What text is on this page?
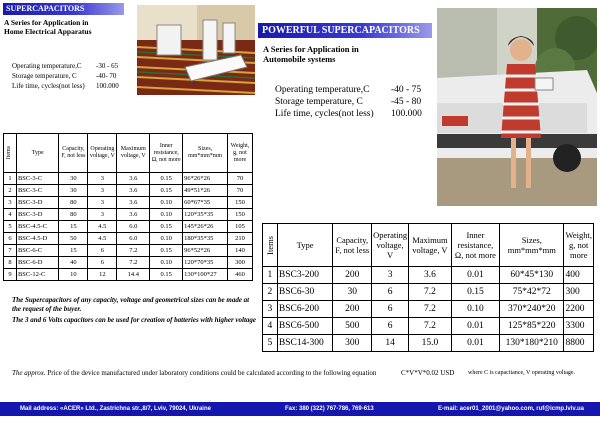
SUPERCAPACITORS
A Series for Application in
Home Electrical Apparatus
Operating temperature,C -30 - 65
Storage temperature, C	-40- 70
Life time, cycles(not less) 100.000
POWERFUL SUPERCAPACITORS
A Series for Application in
Automobile systems
Operating temperature,C -40 - 75
Storage temperature, C	-45 - 80
Life time, cycles(not less) 100.000
Items	Type	Capacity, F, not less	Operating voltage, V	Maximum voltage, V	Inner resistance, Ω, not more	Sizes, mm*mm*mm	Weight, g, not more
1	BSC-3-C	30	3	3.6	0.15	96*26*26	70
2	BSC-3-C	30	3	3.6	0.15	49*51*26	70
3	BSC-3-D	80	3	3.6	0.10	60*67*35	150
4	BSC-3-D	80	3	3.6	0.10	120*35*35	150
5	BSC-4.5-C	15	4.5	6.0	0.15	145*26*26	105
6	BSC-4.5-D	50	4.5	6.0	0.10	180*35*35	210
7	BSC-6-C	15	6	7.2	0.15	96*52*26	140
8	BSC-6-D	40	6	7.2	0.10	120*70*35	300
9	BSC-12-C	10	12	14.4	0.15	130*100*27	460
Items	Type	Capacity, F, not less	Operating voltage, V	Maximum voltage, V	Inner resistance, Ω, not more	Sizes, mm*mm*mm	Weight, g, not more
1	BSC3-200	200	3	3.6	0.01	60*45*130	400
2	BSC6-30	30	6	7.2	0.15	75*42*72	300
3	BSC6-200	200	6	7.2	0.10	370*240*20	2200
4	BSC6-500	500	6	7.2	0.01	125*85*220	3300
5	BSC14-300	300	14	15.0	0.01	130*180*210	8800
The Supercapacitors of any capacity, voltage and geometrical sizes can be made at the request of the buyer.
The 3 and 6 Volts capacitors can be used for creation of batteries with higher voltage
The approx. Price of the device manufactured under laboratory conditions could be calculated according to the following equation	C*V*V*0.02 USD where C is capacitance, V operating voltage.
Mail address: «ACER» Ltd., Zastrichna str.,8/7, Lviv, 79024, Ukraine	Fax: 380 (322) 767-786, 769-613	E-mail: acer01_2001@yahoo.com, ruf@icmp.lviv.ua
